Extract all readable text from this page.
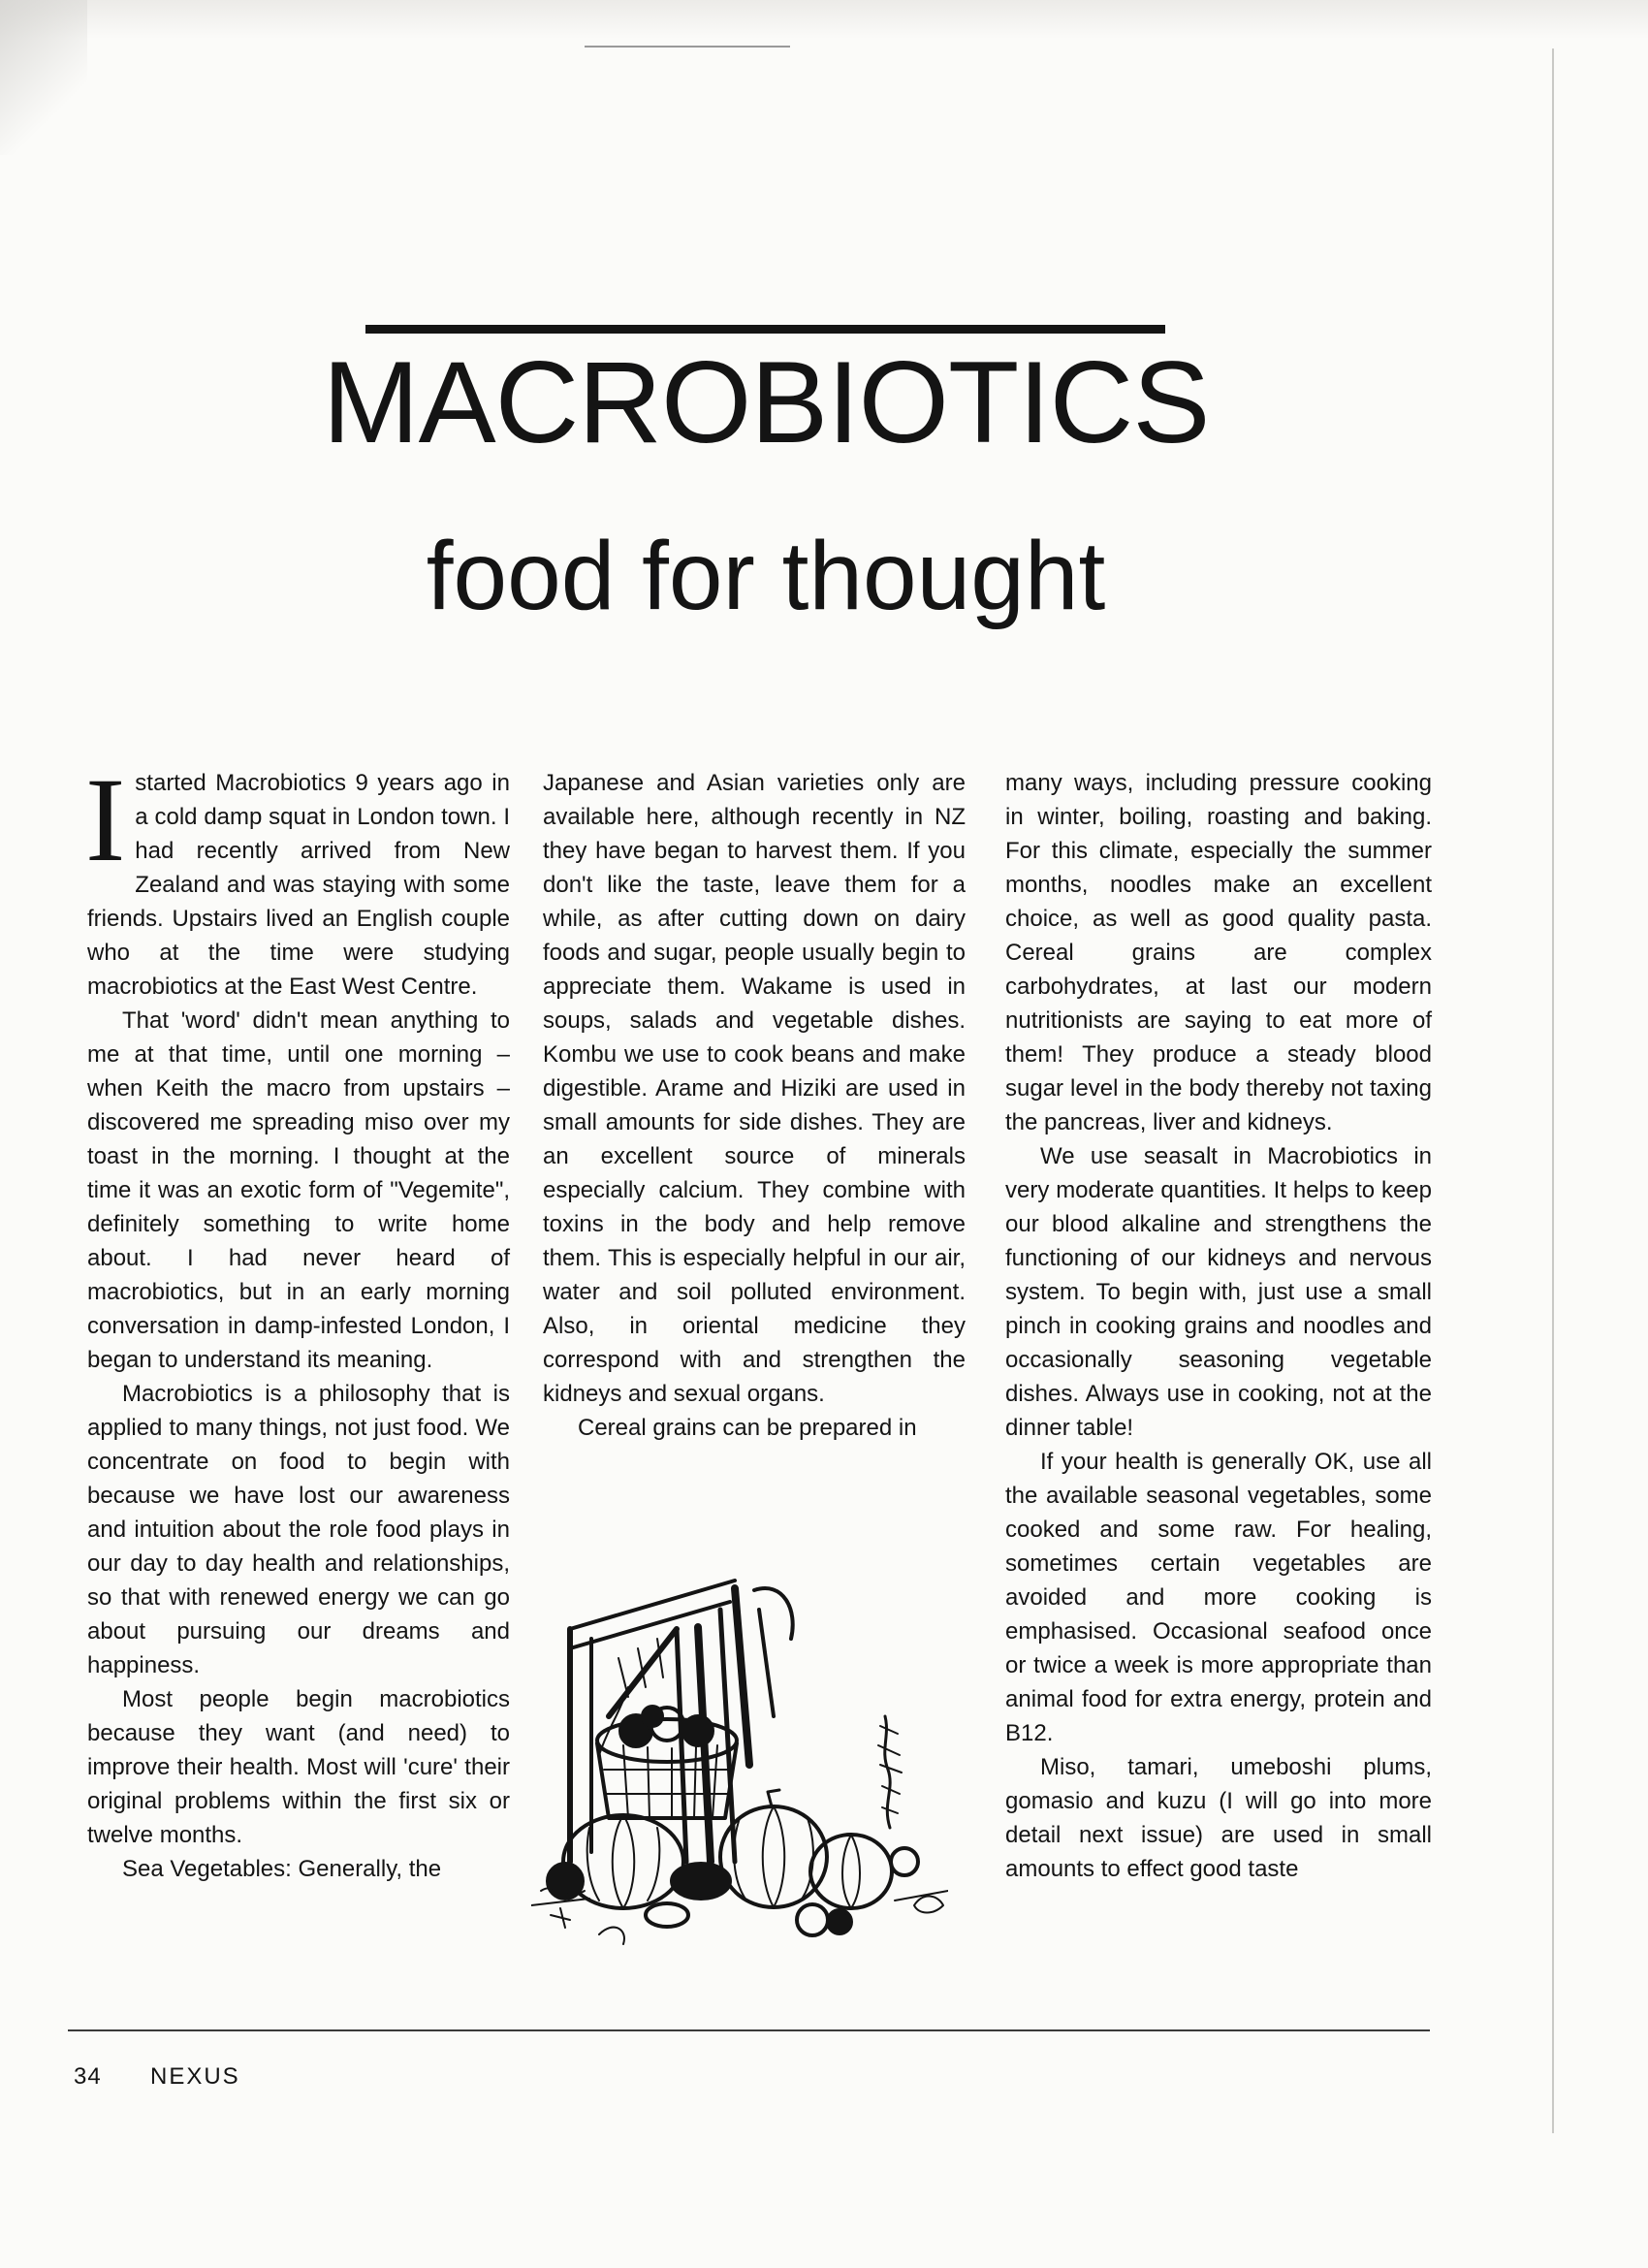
MACROBIOTICS
food for thought

Istarted Macrobiotics 9 years ago in a cold damp squat in London town. I had recently arrived from New Zealand and was staying with some friends. Upstairs lived an English couple who at the time were studying macrobiotics at the East West Centre.

That 'word' didn't mean anything to me at that time, until one morning – when Keith the macro from upstairs – discovered me spreading miso over my toast in the morning. I thought at the time it was an exotic form of "Vegemite", definitely something to write home about. I had never heard of macrobiotics, but in an early morning conversation in damp-infested London, I began to understand its meaning.

Macrobiotics is a philosophy that is applied to many things, not just food. We concentrate on food to begin with because we have lost our awareness and intuition about the role food plays in our day to day health and relationships, so that with renewed energy we can go about pursuing our dreams and happiness.

Most people begin macrobiotics because they want (and need) to improve their health. Most will 'cure' their original problems within the first six or twelve months.

Sea Vegetables: Generally, the

Japanese and Asian varieties only are available here, although recently in NZ they have began to harvest them. If you don't like the taste, leave them for a while, as after cutting down on dairy foods and sugar, people usually begin to appreciate them. Wakame is used in soups, salads and vegetable dishes. Kombu we use to cook beans and make digestible. Arame and Hiziki are used in small amounts for side dishes. They are an excellent source of minerals especially calcium. They combine with toxins in the body and help remove them. This is especially helpful in our air, water and soil polluted environment. Also, in oriental medicine they correspond with and strengthen the kidneys and sexual organs.

Cereal grains can be prepared in

many ways, including pressure cooking in winter, boiling, roasting and baking. For this climate, especially the summer months, noodles make an excellent choice, as well as good quality pasta. Cereal grains are complex carbohydrates, at last our modern nutritionists are saying to eat more of them! They produce a steady blood sugar level in the body thereby not taxing the pancreas, liver and kidneys.

We use seasalt in Macrobiotics in very moderate quantities. It helps to keep our blood alkaline and strengthens the functioning of our kidneys and nervous system. To begin with, just use a small pinch in cooking grains and noodles and occasionally seasoning vegetable dishes. Always use in cooking, not at the dinner table!

If your health is generally OK, use all the available seasonal vegetables, some cooked and some raw. For healing, sometimes certain vegetables are avoided and more cooking is emphasised. Occasional seafood once or twice a week is more appropriate than animal food for extra energy, protein and B12.

Miso, tamari, umeboshi plums, gomasio and kuzu (I will go into more detail next issue) are used in small amounts to effect good taste

34 NEXUS
